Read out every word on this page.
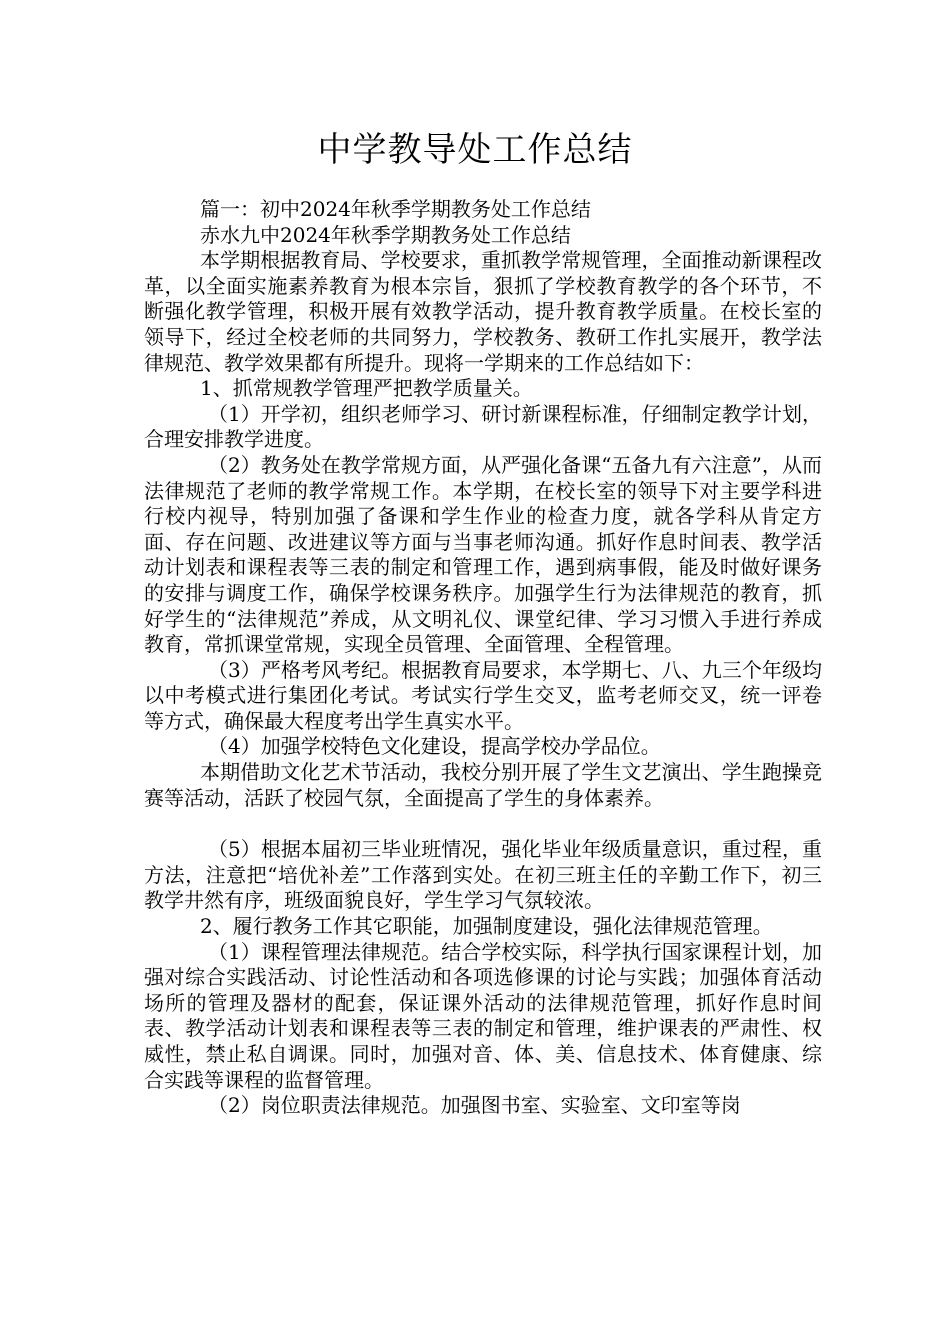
中学教导处工作总结

篇一：初中2024年秋季学期教务处工作总结

赤水九中2024年秋季学期教务处工作总结

本学期根据教育局、学校要求，重抓教学常规管理，全面推动新课程改革，以全面实施素养教育为根本宗旨，狠抓了学校教育教学的各个环节，不断强化教学管理，积极开展有效教学活动，提升教育教学质量。在校长室的领导下，经过全校老师的共同努力，学校教务、教研工作扎实展开，教学法律规范、教学效果都有所提升。现将一学期来的工作总结如下：

1、抓常规教学管理严把教学质量关。

（1）开学初，组织老师学习、研讨新课程标准，仔细制定教学计划，合理安排教学进度。

（2）教务处在教学常规方面，从严强化备课“五备九有六注意”，从而法律规范了老师的教学常规工作。本学期，在校长室的领导下对主要学科进行校内视导，特别加强了备课和学生作业的检查力度，就各学科从肯定方面、存在问题、改进建议等方面与当事老师沟通。抓好作息时间表、教学活动计划表和课程表等三表的制定和管理工作，遇到病事假，能及时做好课务的安排与调度工作，确保学校课务秩序。加强学生行为法律规范的教育，抓好学生的“法律规范”养成，从文明礼仪、课堂纪律、学习习惯入手进行养成教育，常抓课堂常规，实现全员管理、全面管理、全程管理。

（3）严格考风考纪。根据教育局要求，本学期七、八、九三个年级均以中考模式进行集团化考试。考试实行学生交叉，监考老师交叉，统一评卷等方式，确保最大程度考出学生真实水平。

（4）加强学校特色文化建设，提高学校办学品位。

本期借助文化艺术节活动，我校分别开展了学生文艺演出、学生跑操竞赛等活动，活跃了校园气氛，全面提高了学生的身体素养。

（5）根据本届初三毕业班情况，强化毕业年级质量意识，重过程，重方法，注意把“培优补差”工作落到实处。在初三班主任的辛勤工作下，初三教学井然有序，班级面貌良好，学生学习气氛较浓。

2、履行教务工作其它职能，加强制度建设，强化法律规范管理。

（1）课程管理法律规范。结合学校实际，科学执行国家课程计划，加强对综合实践活动、讨论性活动和各项选修课的讨论与实践；加强体育活动场所的管理及器材的配套，保证课外活动的法律规范管理，抓好作息时间表、教学活动计划表和课程表等三表的制定和管理，维护课表的严肃性、权威性，禁止私自调课。同时，加强对音、体、美、信息技术、体育健康、综合实践等课程的监督管理。

（2）岗位职责法律规范。加强图书室、实验室、文印室等岗
